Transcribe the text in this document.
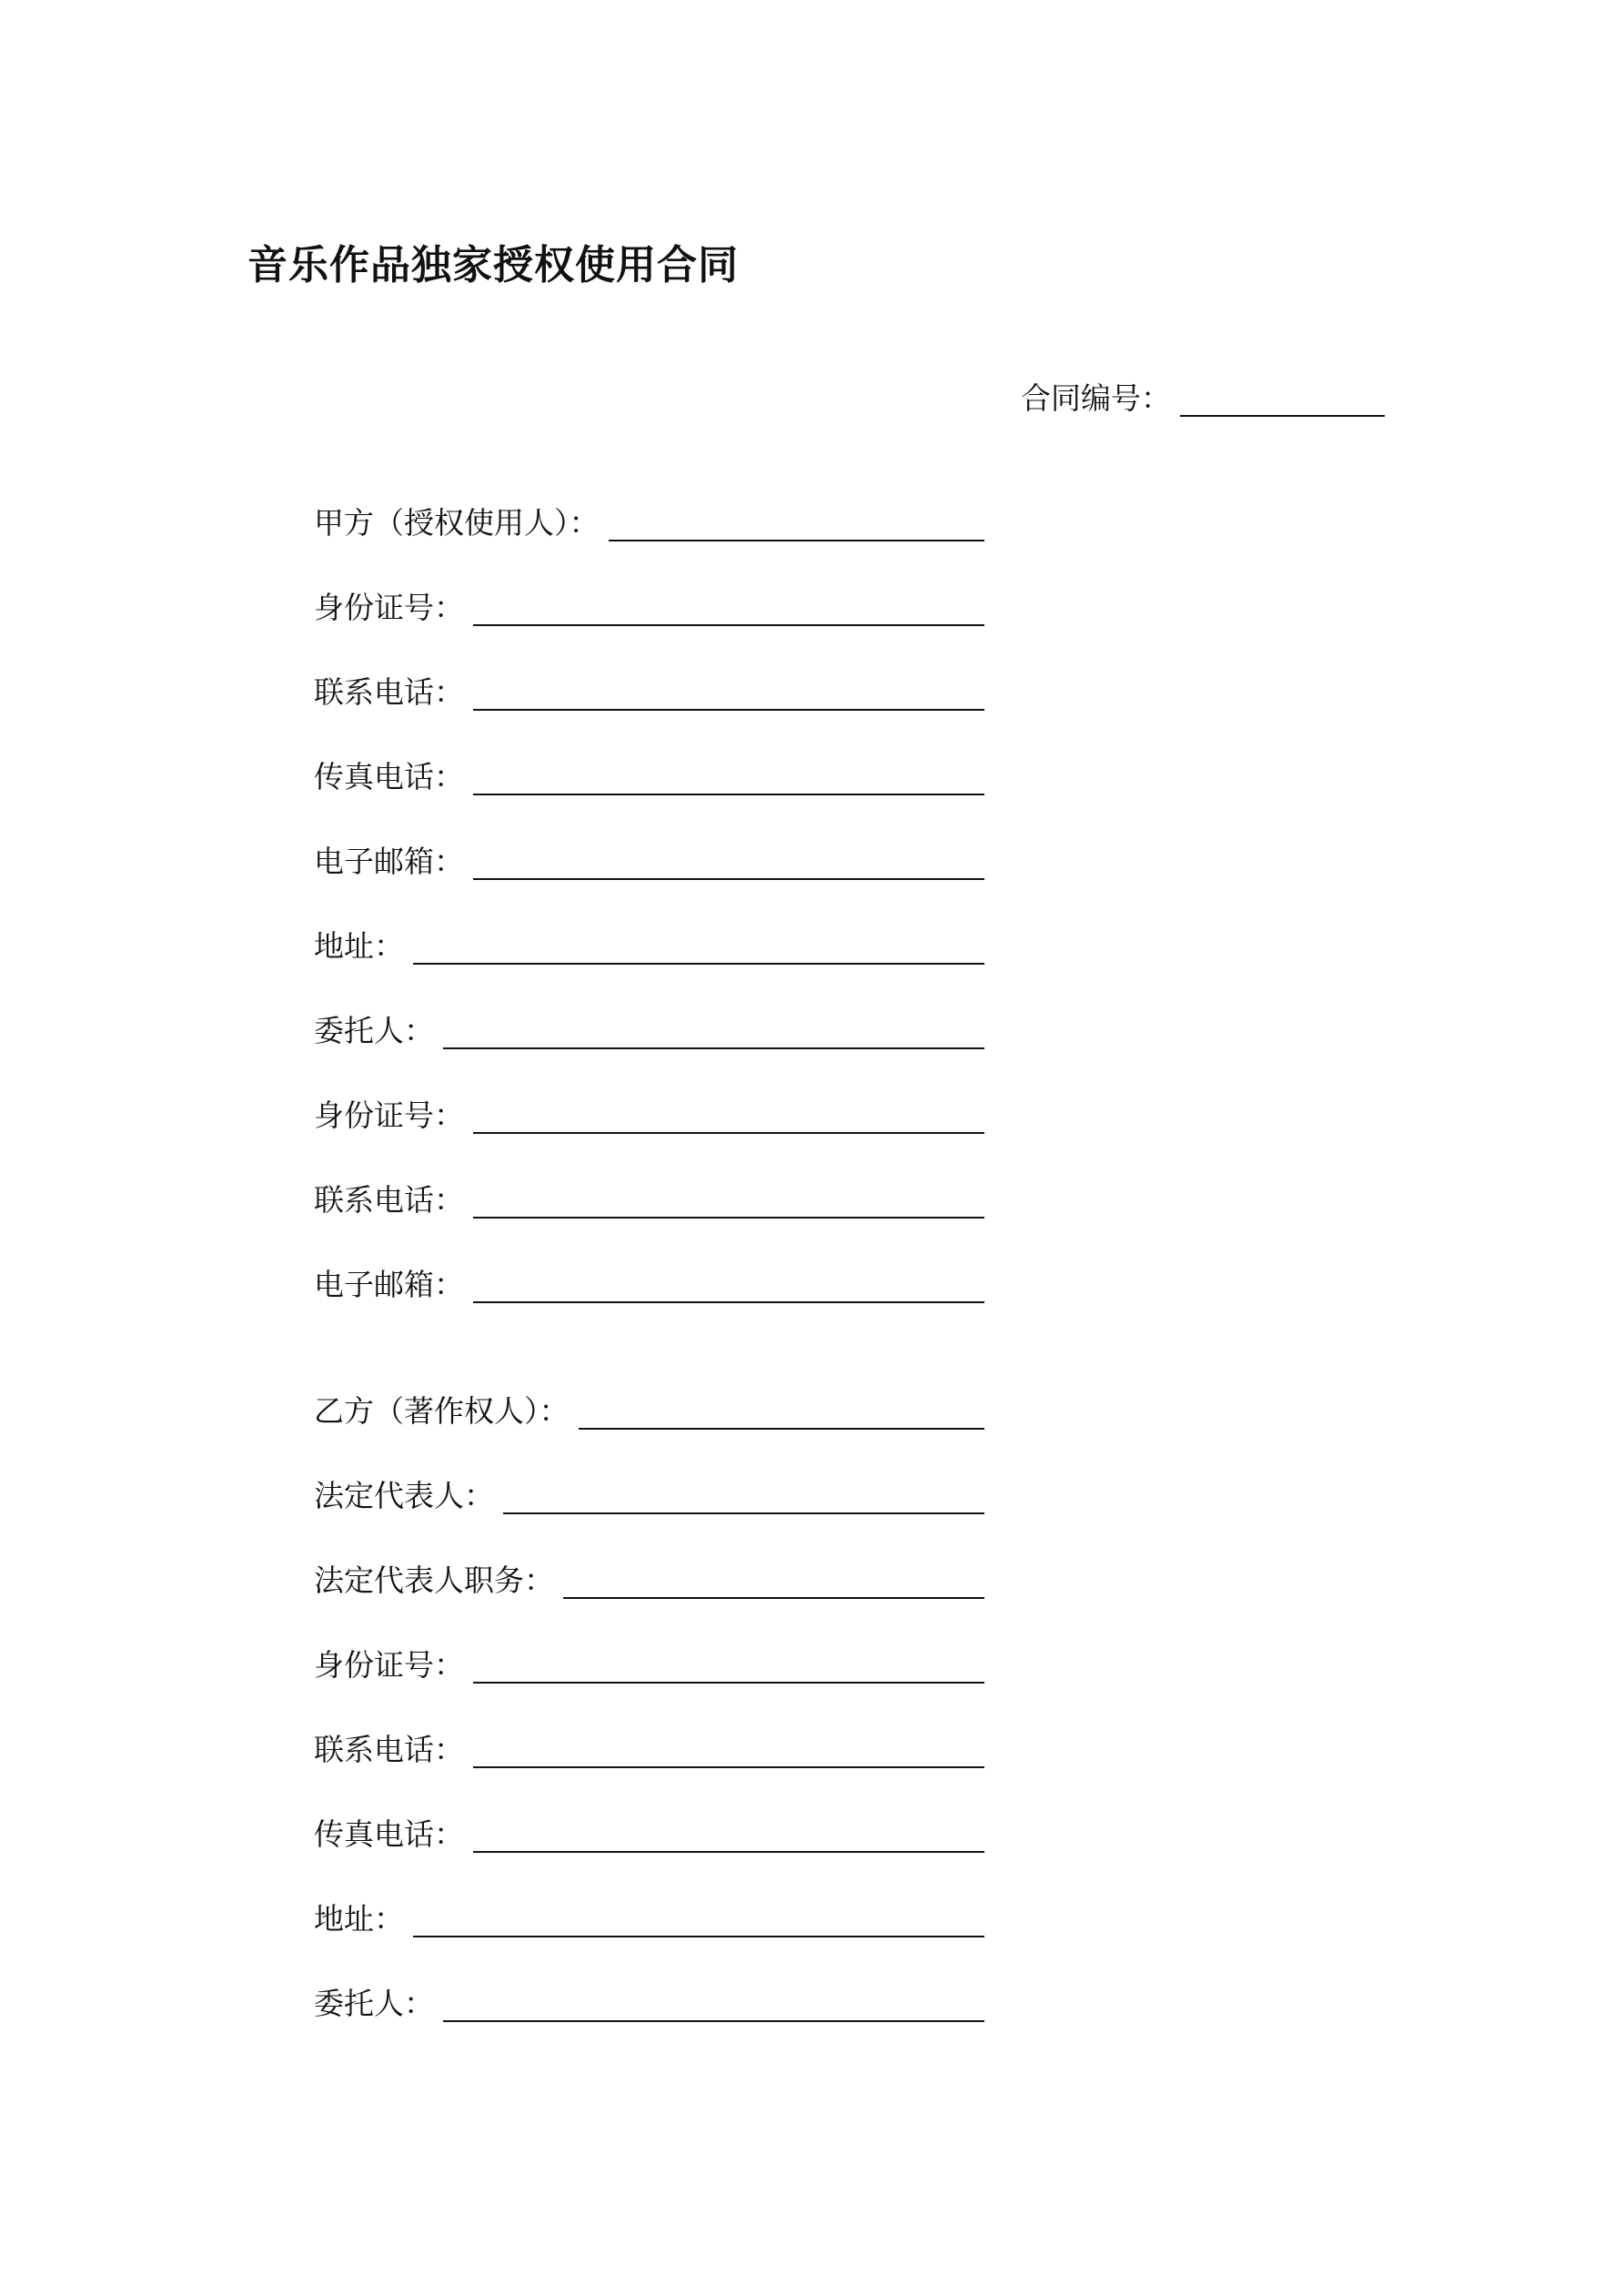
音乐作品独家授权使用合同
合同编号：
甲方（授权使用人）：
身份证号：
联系电话：
传真电话：
电子邮箱：
地址：
委托人：
身份证号：
联系电话：
电子邮箱：
乙方（著作权人）：
法定代表人：
法定代表人职务：
身份证号：
联系电话：
传真电话：
地址：
委托人：
